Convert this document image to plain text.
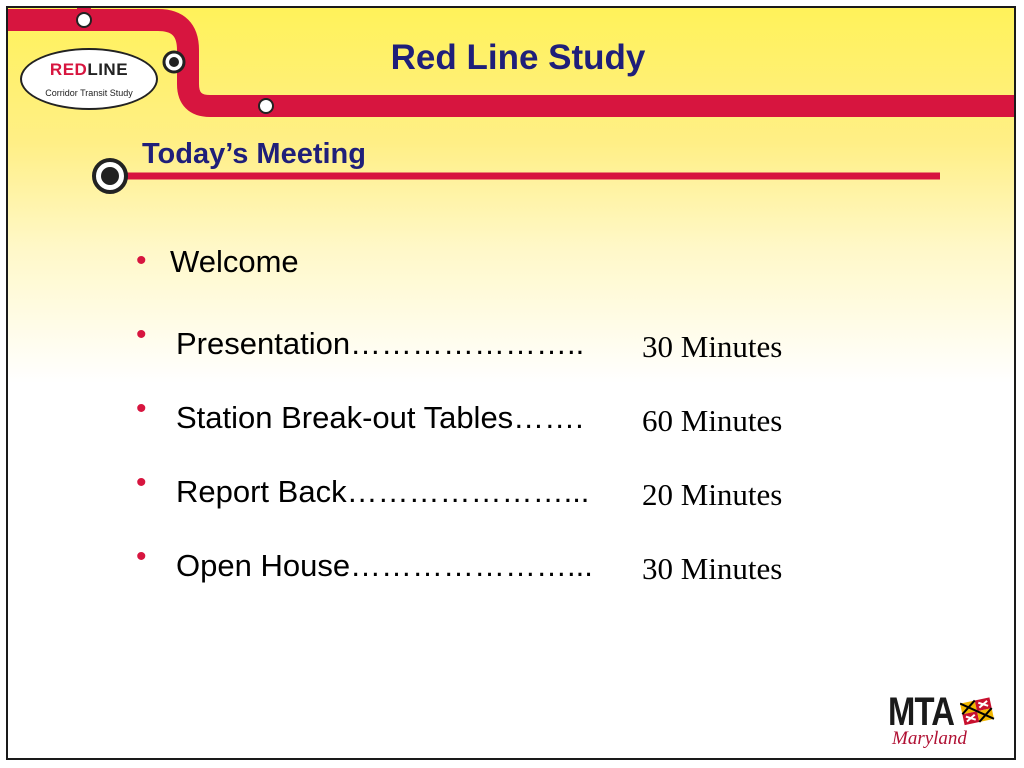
REDLINE
Corridor Transit Study
Red Line Study
Today’s Meeting
• Welcome
• Presentation………………….. 30 Minutes
• Station Break-out Tables……. 60 Minutes
• Report Back…………………... 20 Minutes
• Open House…………………... 30 Minutes
MTA
Maryland
